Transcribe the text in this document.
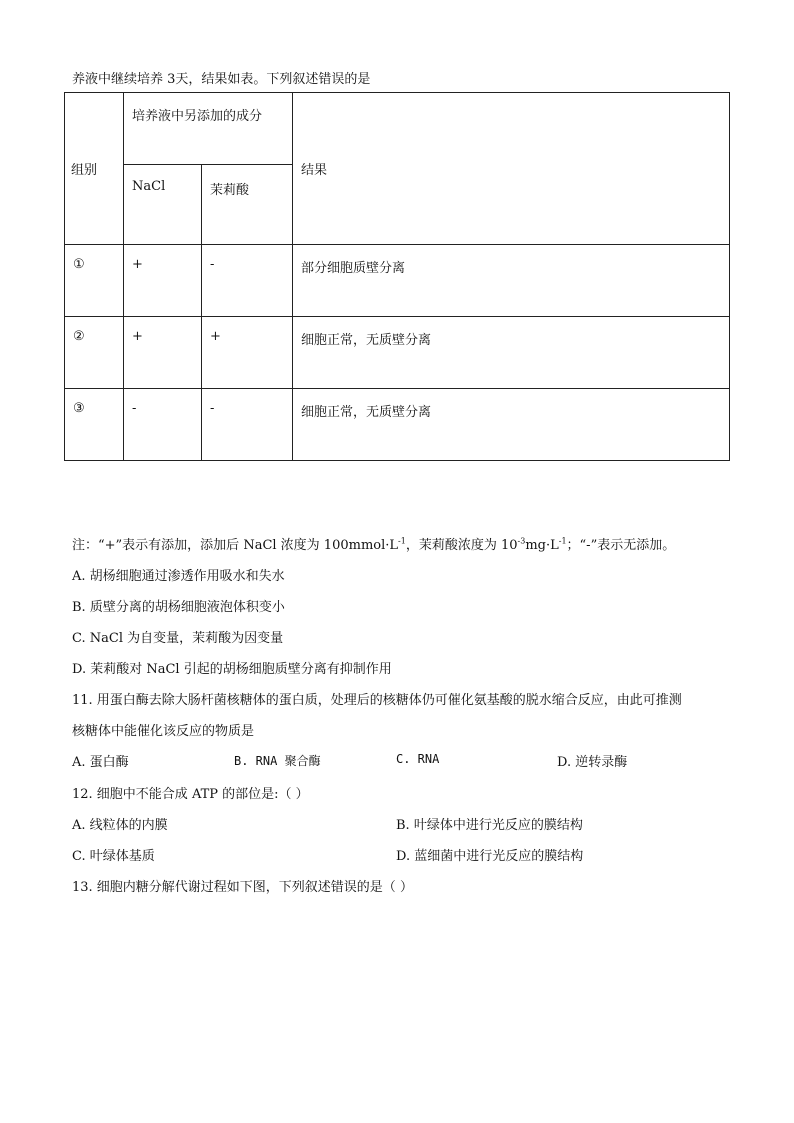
养液中继续培养 3天，结果如表。下列叙述错误的是
组别	培养液中另添加的成分		结果

	NaCl	茉莉酸	

①	+	-	部分细胞质壁分离

②	+	+	细胞正常，无质壁分离

③	-	-	细胞正常，无质壁分离
注：“+”表示有添加，添加后 NaCl 浓度为 $100mmol\cdot L^{-1}$，茉莉酸浓度为 $10^{-3}mg\cdot L^{-1}$；“-”表示无添加。
A. 胡杨细胞通过渗透作用吸水和失水
B. 质壁分离的胡杨细胞液泡体积变小
C. NaCl 为自变量，茉莉酸为因变量
D. 茉莉酸对 NaCl 引起的胡杨细胞质壁分离有抑制作用
11. 用蛋白酶去除大肠杆菌核糖体的蛋白质，处理后的核糖体仍可催化氨基酸的脱水缩合反应，由此可推测
核糖体中能催化该反应的物质是
A. 蛋白酶	B. RNA 聚合酶	C. RNA	D. 逆转录酶
12. 细胞中不能合成 ATP 的部位是:（ ）
A. 线粒体的内膜	B. 叶绿体中进行光反应的膜结构
C. 叶绿体基质	D. 蓝细菌中进行光反应的膜结构
13. 细胞内糖分解代谢过程如下图，下列叙述错误的是（ ）
